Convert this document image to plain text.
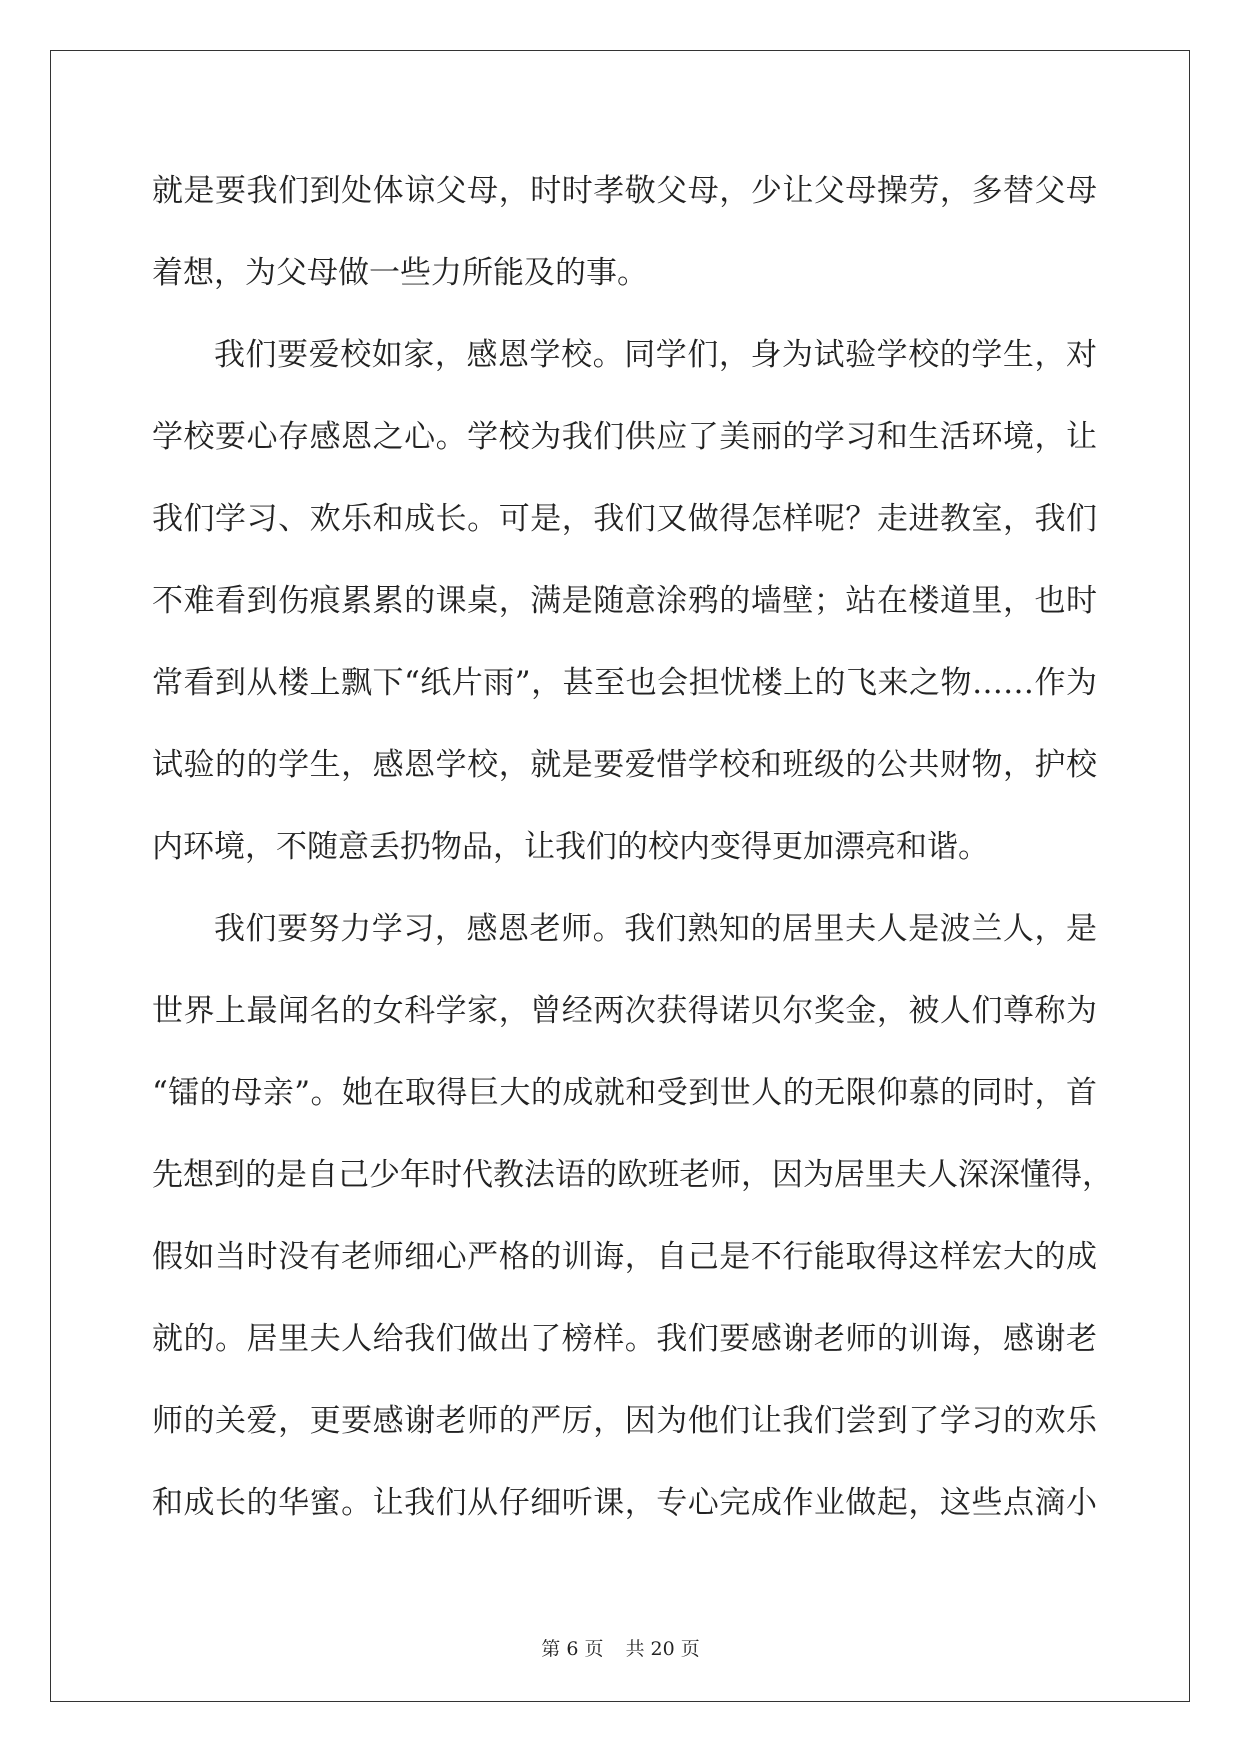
就是要我们到处体谅父母，时时孝敬父母，少让父母操劳，多替父母
着想，为父母做一些力所能及的事。
我们要爱校如家，感恩学校。同学们，身为试验学校的学生，对
学校要心存感恩之心。学校为我们供应了美丽的学习和生活环境，让
我们学习、欢乐和成长。可是，我们又做得怎样呢？走进教室，我们
不难看到伤痕累累的课桌，满是随意涂鸦的墙壁；站在楼道里，也时
常看到从楼上飘下“纸片雨”，甚至也会担忧楼上的飞来之物……作为
试验的的学生，感恩学校，就是要爱惜学校和班级的公共财物，护校
内环境，不随意丢扔物品，让我们的校内变得更加漂亮和谐。
我们要努力学习，感恩老师。我们熟知的居里夫人是波兰人，是
世界上最闻名的女科学家，曾经两次获得诺贝尔奖金，被人们尊称为
“镭的母亲”。她在取得巨大的成就和受到世人的无限仰慕的同时，首
先想到的是自己少年时代教法语的欧班老师，因为居里夫人深深懂得，
假如当时没有老师细心严格的训诲，自己是不行能取得这样宏大的成
就的。居里夫人给我们做出了榜样。我们要感谢老师的训诲，感谢老
师的关爱，更要感谢老师的严厉，因为他们让我们尝到了学习的欢乐
和成长的华蜜。让我们从仔细听课，专心完成作业做起，这些点滴小
第 6 页 共 20 页
